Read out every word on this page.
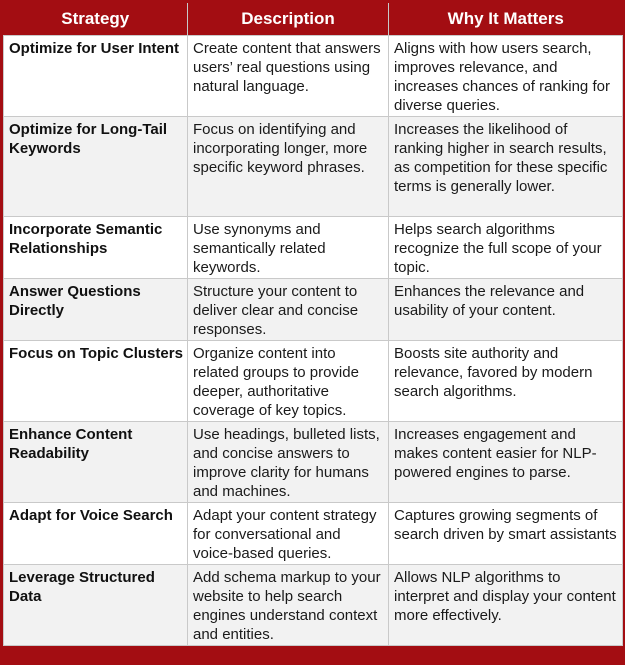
Strategy	Description	Why It Matters
Optimize for User Intent	Create content that answers users’ real questions using natural language.	Aligns with how users search, improves relevance, and increases chances of ranking for diverse queries.
Optimize for Long-Tail Keywords	Focus on identifying and incorporating longer, more specific keyword phrases.	Increases the likelihood of ranking higher in search results, as competition for these specific terms is generally lower.
Incorporate Semantic Relationships	Use synonyms and semantically related keywords.	Helps search algorithms recognize the full scope of your topic.
Answer Questions Directly	Structure your content to deliver clear and concise responses.	Enhances the relevance and usability of your content.
Focus on Topic Clusters	Organize content into related groups to provide deeper, authoritative coverage of key topics.	Boosts site authority and relevance, favored by modern search algorithms.
Enhance Content Readability	Use headings, bulleted lists, and concise answers to improve clarity for humans and machines.	Increases engagement and makes content easier for NLP-powered engines to parse.
Adapt for Voice Search	Adapt your content strategy for conversational and voice-based queries.	Captures growing segments of search driven by smart assistants
Leverage Structured Data	Add schema markup to your website to help search engines understand context and entities.	Allows NLP algorithms to interpret and display your content more effectively.
